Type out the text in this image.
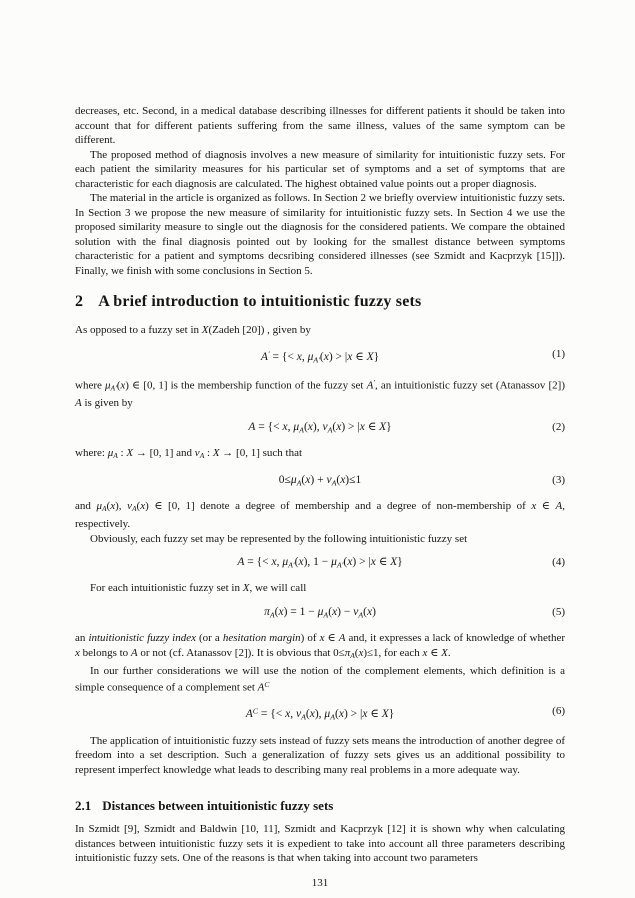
decreases, etc. Second, in a medical database describing illnesses for different patients it should be taken into account that for different patients suffering from the same illness, values of the same symptom can be different.

The proposed method of diagnosis involves a new measure of similarity for intuitionistic fuzzy sets. For each patient the similarity measures for his particular set of symptoms and a set of symptoms that are characteristic for each diagnosis are calculated. The highest obtained value points out a proper diagnosis.

The material in the article is organized as follows. In Section 2 we briefly overview intuitionistic fuzzy sets. In Section 3 we propose the new measure of similarity for intuitionistic fuzzy sets. In Section 4 we use the proposed similarity measure to single out the diagnosis for the considered patients. We compare the obtained solution with the final diagnosis pointed out by looking for the smallest distance between symptoms characteristic for a patient and symptoms decsribing considered illnesses (see Szmidt and Kacprzyk [15]]). Finally, we finish with some conclusions in Section 5.

2 A brief introduction to intuitionistic fuzzy sets

As opposed to a fuzzy set in X(Zadeh [20]) , given by

A′ = {< x, $\mu_{A'}(x) > |x$ ∈ X}	(1)

where $\mu_{A'}(x)$ ∈ [0, 1] is the membership function of the fuzzy set A′, an intuitionistic fuzzy set (Atanassov [2]) A is given by

A = {< x, $\mu_A(x)$, $\nu_A(x) > |x$ ∈ X}	(2)

where: $\mu_A$ : X → [0, 1] and $\nu_A$ : X → [0, 1] such that

$0\le\mu_A(x) + \nu_A(x)\le 1$	(3)

and $\mu_A(x)$, $\nu_A(x)$ ∈ [0, 1] denote a degree of membership and a degree of non-membership of x ∈ A, respectively.

Obviously, each fuzzy set may be represented by the following intuitionistic fuzzy set

A = {< x, $\mu_{A'}(x)$, $1 - \mu_{A'}(x) > |x$ ∈ X}	(4)

For each intuitionistic fuzzy set in X, we will call

$\pi_A(x) = 1 - \mu_A(x) - \nu_A(x)$	(5)

an intuitionistic fuzzy index (or a hesitation margin) of x ∈ A and, it expresses a lack of knowledge of whether x belongs to A or not (cf. Atanassov [2]). It is obvious that $0\le\pi_A(x)\le 1$, for each x ∈ X.

In our further considerations we will use the notion of the complement elements, which definition is a simple consequence of a complement set $A^C$

$A^C$ = {< x, $\nu_A(x)$, $\mu_A(x) > |x$ ∈ X}	(6)

The application of intuitionistic fuzzy sets instead of fuzzy sets means the introduction of another degree of freedom into a set description. Such a generalization of fuzzy sets gives us an additional possibility to represent imperfect knowledge what leads to describing many real problems in a more adequate way.

2.1 Distances between intuitionistic fuzzy sets

In Szmidt [9], Szmidt and Baldwin [10, 11], Szmidt and Kacprzyk [12] it is shown why when calculating distances between intuitionistic fuzzy sets it is expedient to take into account all three parameters describing intuitionistic fuzzy sets. One of the reasons is that when taking into account two parameters

131
